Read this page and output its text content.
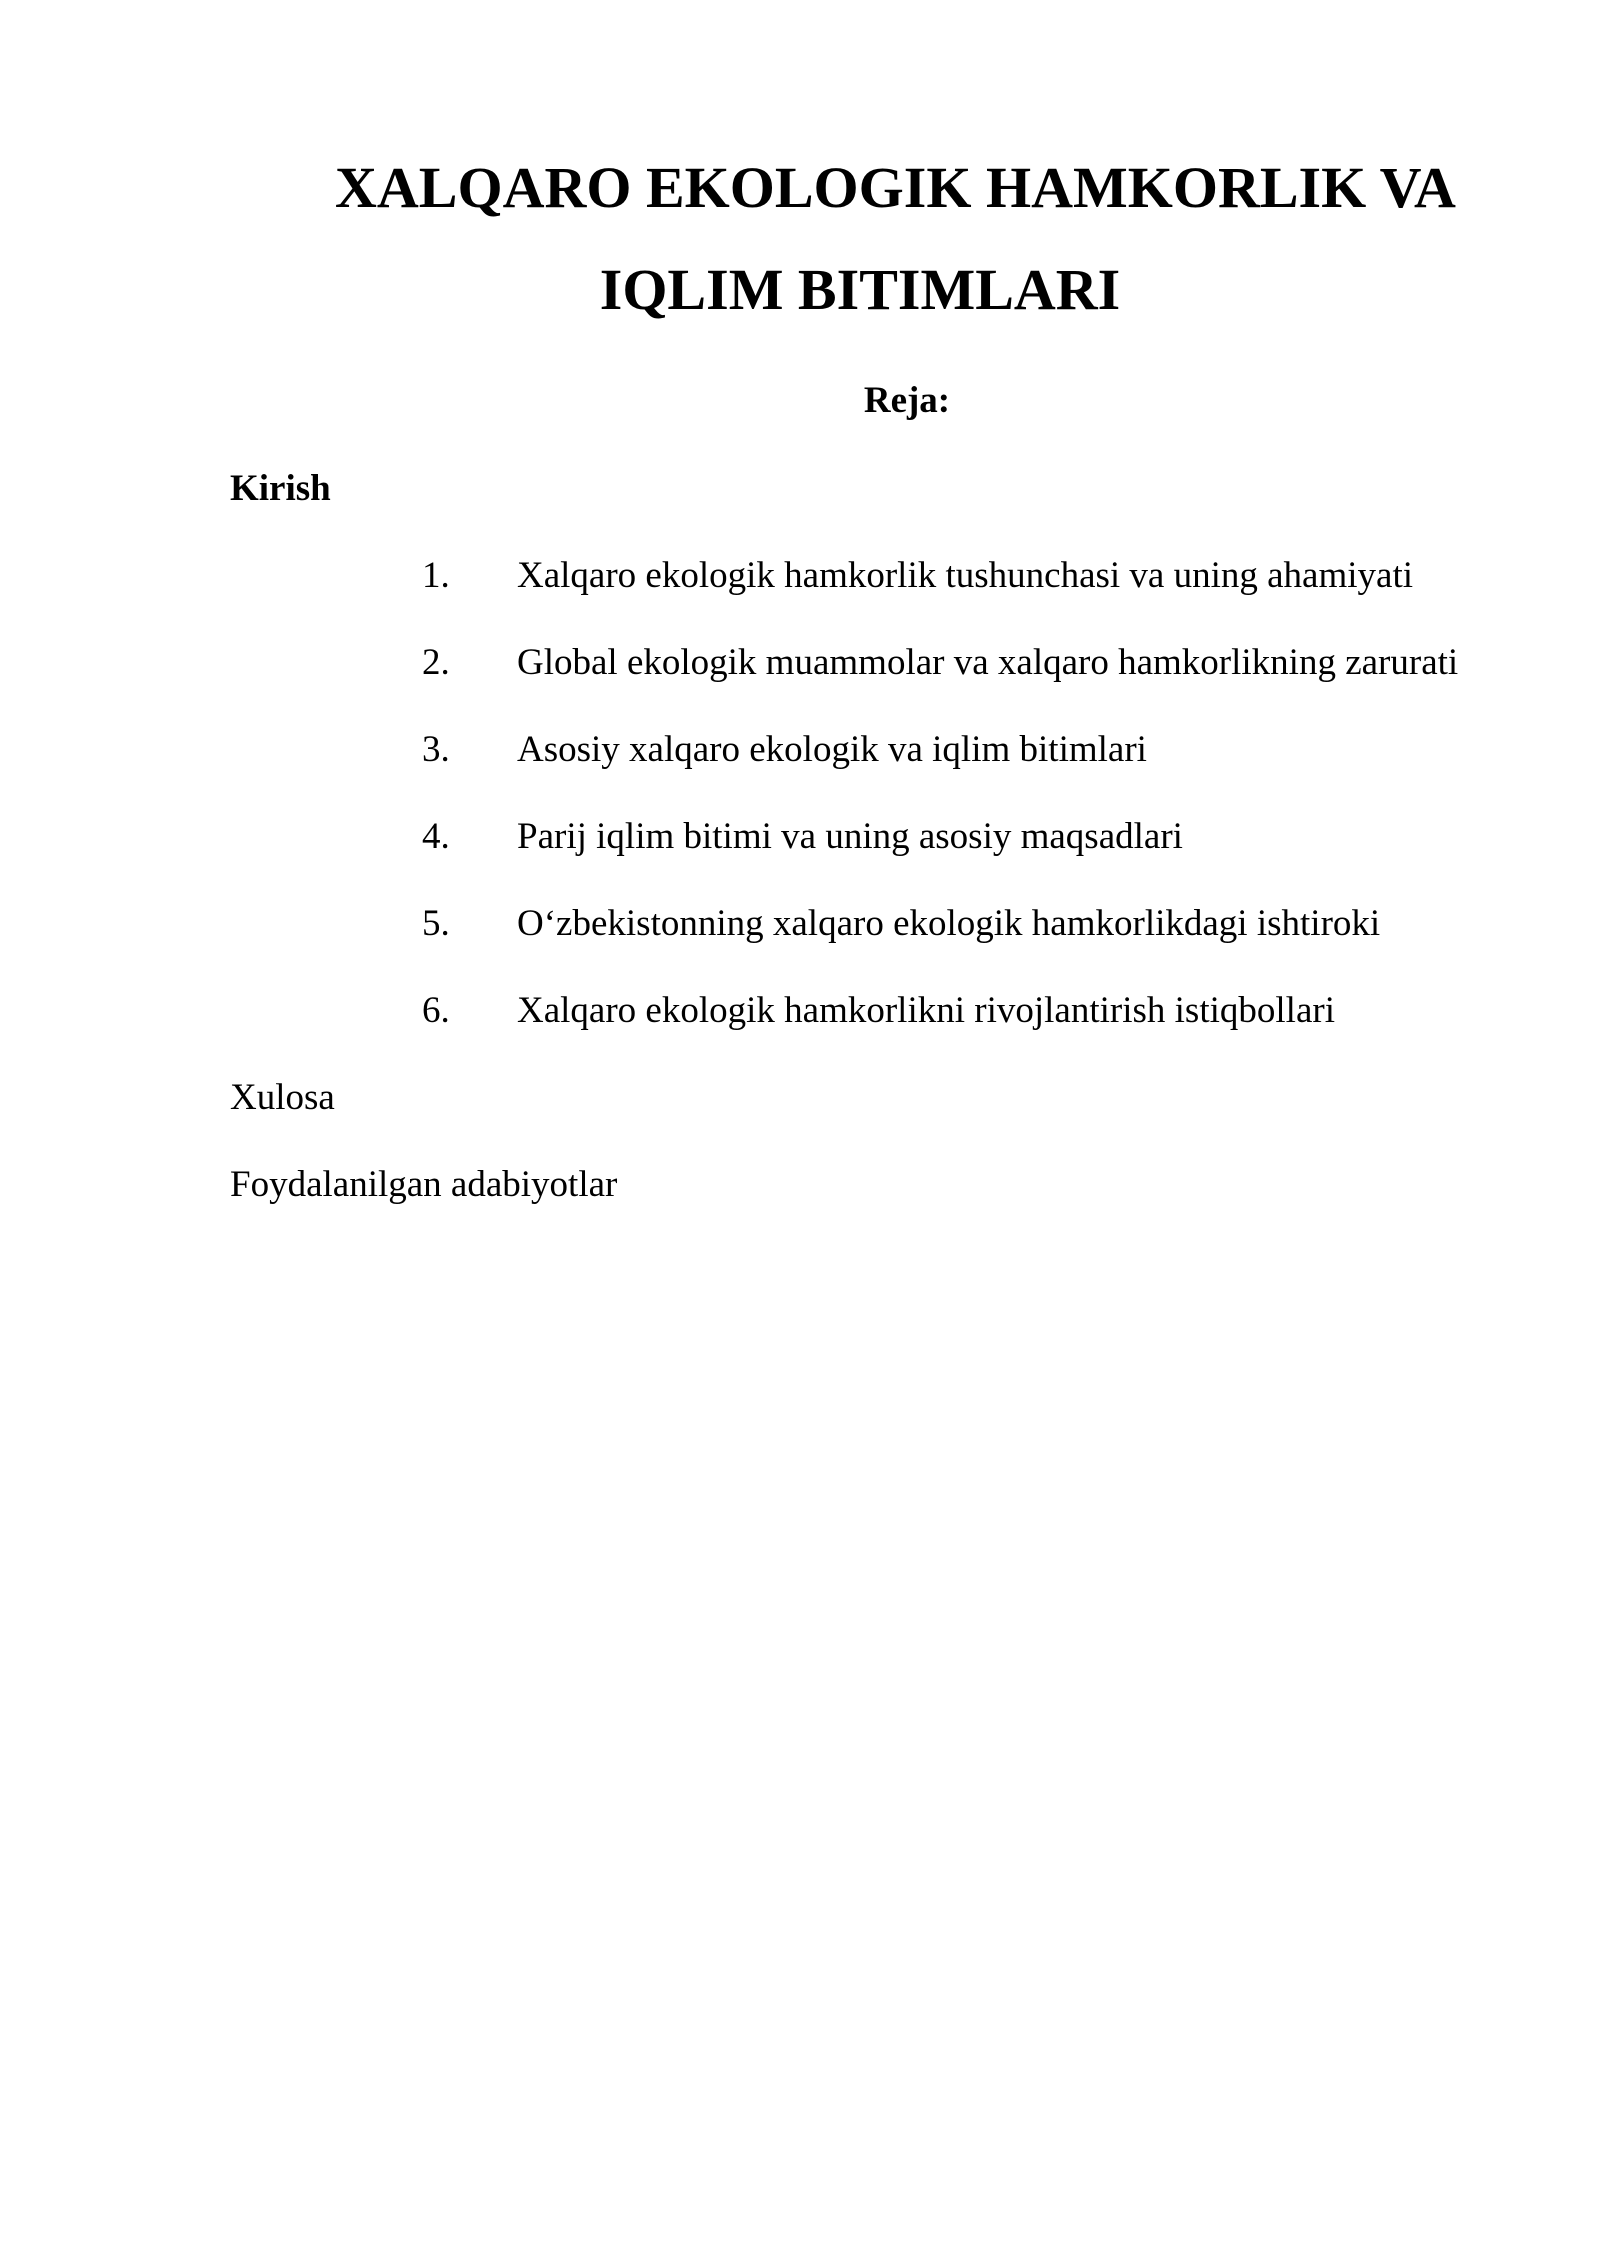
XALQARO EKOLOGIK HAMKORLIK VA
IQLIM BITIMLARI
Reja:
Kirish
1. Xalqaro ekologik hamkorlik tushunchasi va uning ahamiyati
2. Global ekologik muammolar va xalqaro hamkorlikning zarurati
3. Asosiy xalqaro ekologik va iqlim bitimlari
4. Parij iqlim bitimi va uning asosiy maqsadlari
5. O‘zbekistonning xalqaro ekologik hamkorlikdagi ishtiroki
6. Xalqaro ekologik hamkorlikni rivojlantirish istiqbollari
Xulosa
Foydalanilgan adabiyotlar
